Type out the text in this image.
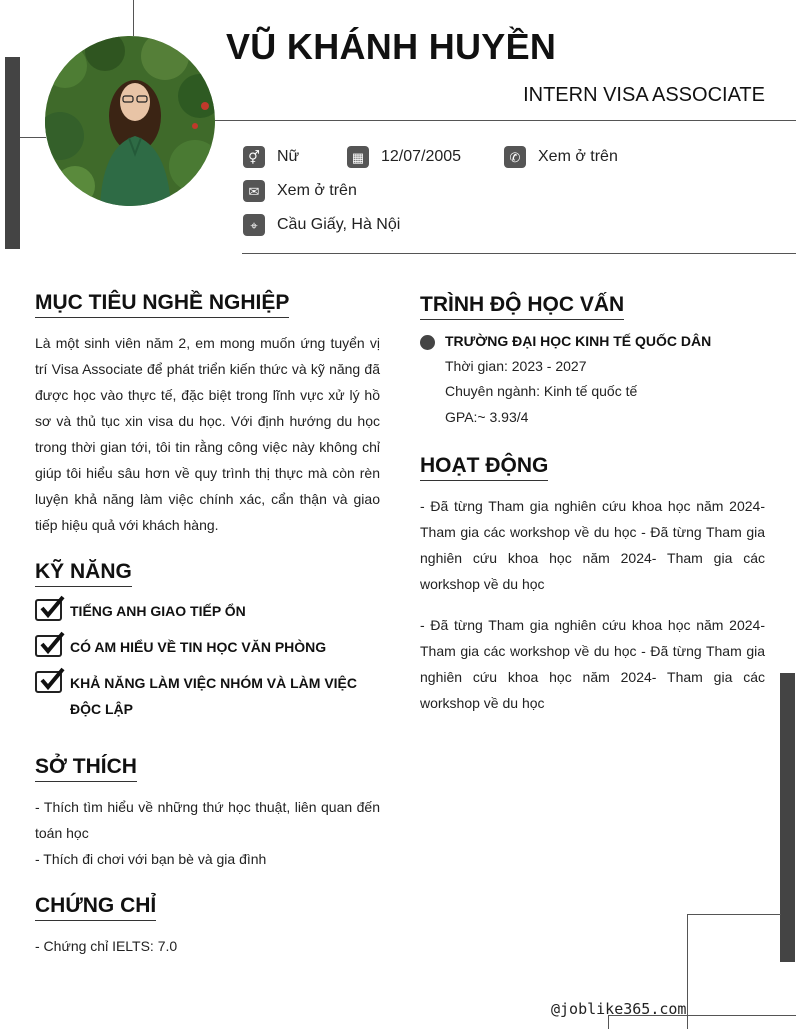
VŨ KHÁNH HUYỀN
INTERN VISA ASSOCIATE
⚥	Nữ	▦	12/07/2005	✆	Xem ở trên
✉	Xem ở trên
⌖	Cầu Giấy, Hà Nội
MỤC TIÊU NGHỀ NGHIỆP
Là một sinh viên năm 2, em mong muốn ứng tuyển vị trí Visa Associate để phát triển kiến thức và kỹ năng đã được học vào thực tế, đặc biệt trong lĩnh vực xử lý hồ sơ và thủ tục xin visa du học. Với định hướng du học trong thời gian tới, tôi tin rằng công việc này không chỉ giúp tôi hiểu sâu hơn về quy trình thị thực mà còn rèn luyện khả năng làm việc chính xác, cẩn thận và giao tiếp hiệu quả với khách hàng.
KỸ NĂNG
TIẾNG ANH GIAO TIẾP ỔN
CÓ AM HIỂU VỀ TIN HỌC VĂN PHÒNG
KHẢ NĂNG LÀM VIỆC NHÓM VÀ LÀM VIỆC ĐỘC LẬP
SỞ THÍCH
- Thích tìm hiểu về những thứ học thuật, liên quan đến toán học
- Thích đi chơi với bạn bè và gia đình
CHỨNG CHỈ
- Chứng chỉ IELTS: 7.0
TRÌNH ĐỘ HỌC VẤN
TRƯỜNG ĐẠI HỌC KINH TẾ QUỐC DÂN
Thời gian: 2023 - 2027
Chuyên ngành: Kinh tế quốc tế
GPA:~ 3.93/4
HOẠT ĐỘNG
- Đã từng Tham gia nghiên cứu khoa học năm 2024- Tham gia các workshop về du học - Đã từng Tham gia nghiên cứu khoa học năm 2024- Tham gia các workshop về du học
- Đã từng Tham gia nghiên cứu khoa học năm 2024- Tham gia các workshop về du học - Đã từng Tham gia nghiên cứu khoa học năm 2024- Tham gia các workshop về du học
@joblike365.com
